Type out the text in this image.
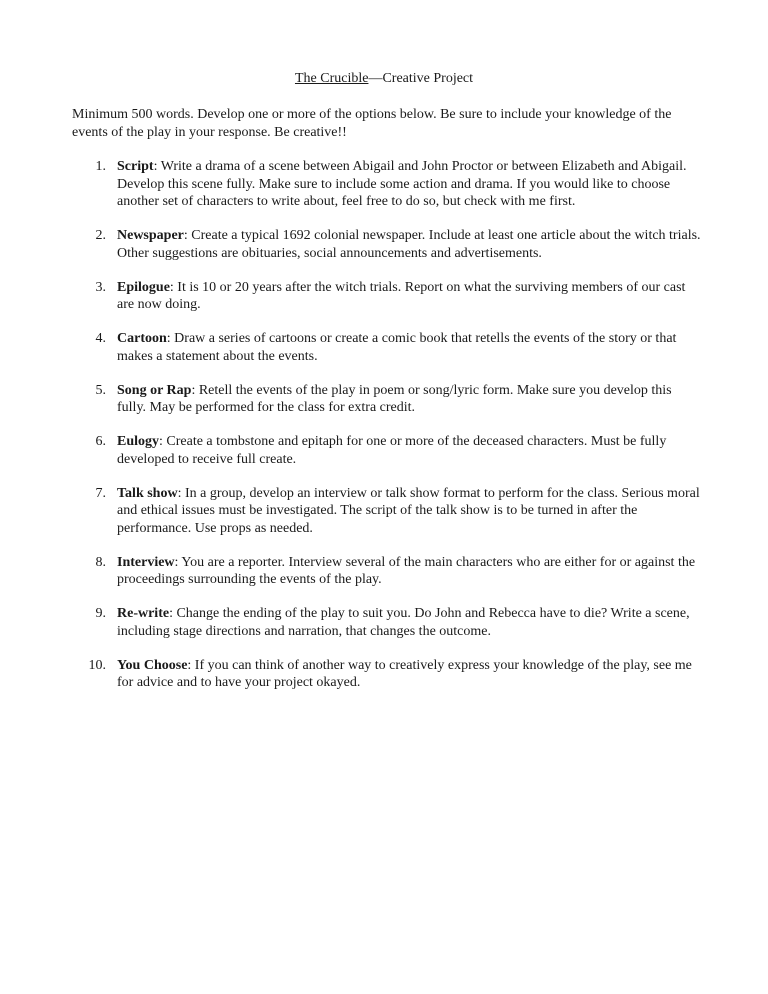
The Crucible—Creative Project

Minimum 500 words. Develop one or more of the options below. Be sure to include your knowledge of the events of the play in your response. Be creative!!

1. Script: Write a drama of a scene between Abigail and John Proctor or between Elizabeth and Abigail. Develop this scene fully. Make sure to include some action and drama. If you would like to choose another set of characters to write about, feel free to do so, but check with me first.
2. Newspaper: Create a typical 1692 colonial newspaper. Include at least one article about the witch trials. Other suggestions are obituaries, social announcements and advertisements.
3. Epilogue: It is 10 or 20 years after the witch trials. Report on what the surviving members of our cast are now doing.
4. Cartoon: Draw a series of cartoons or create a comic book that retells the events of the story or that makes a statement about the events.
5. Song or Rap: Retell the events of the play in poem or song/lyric form. Make sure you develop this fully. May be performed for the class for extra credit.
6. Eulogy: Create a tombstone and epitaph for one or more of the deceased characters. Must be fully developed to receive full create.
7. Talk show: In a group, develop an interview or talk show format to perform for the class. Serious moral and ethical issues must be investigated. The script of the talk show is to be turned in after the performance. Use props as needed.
8. Interview: You are a reporter. Interview several of the main characters who are either for or against the proceedings surrounding the events of the play.
9. Re-write: Change the ending of the play to suit you. Do John and Rebecca have to die? Write a scene, including stage directions and narration, that changes the outcome.
10. You Choose: If you can think of another way to creatively express your knowledge of the play, see me for advice and to have your project okayed.
